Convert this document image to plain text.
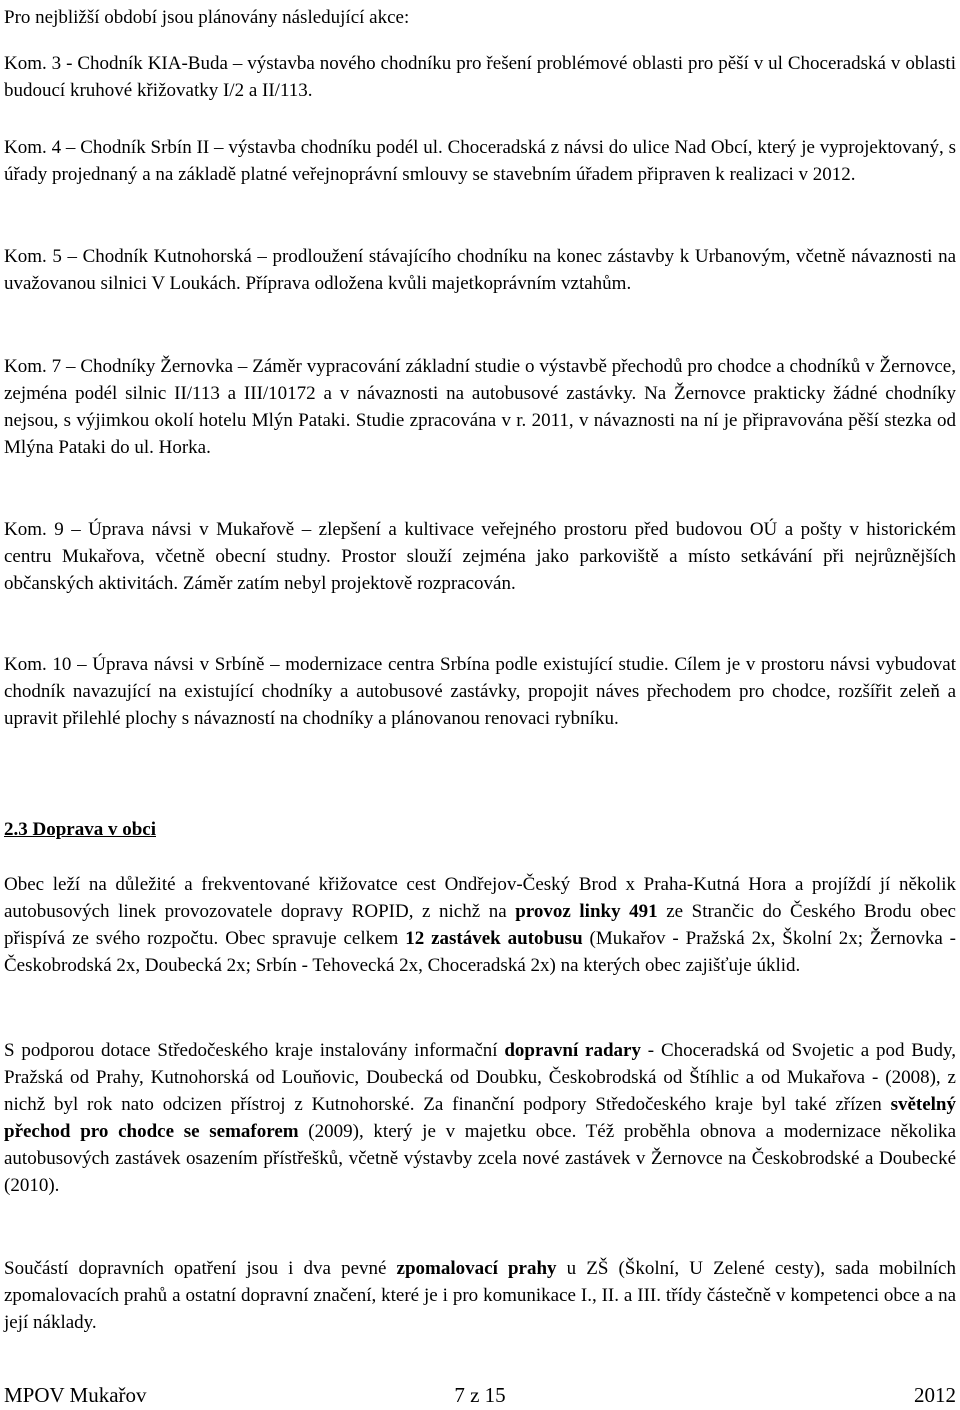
Pro nejbližší období jsou plánovány následující akce:

Kom. 3 - Chodník KIA-Buda – výstavba nového chodníku pro řešení problémové oblasti pro pěší v ul Choceradská v oblasti budoucí kruhové křižovatky I/2 a II/113.

Kom. 4 – Chodník Srbín II – výstavba chodníku podél ul. Choceradská z návsi do ulice Nad Obcí, který je vyprojektovaný, s úřady projednaný a na základě platné veřejnoprávní smlouvy se stavebním úřadem připraven k realizaci v 2012.

Kom. 5 – Chodník Kutnohorská – prodloužení stávajícího chodníku na konec zástavby k Urbanovým, včetně návaznosti na uvažovanou silnici V Loukách. Příprava odložena kvůli majetkoprávním vztahům.

Kom. 7 – Chodníky Žernovka – Záměr vypracování základní studie o výstavbě přechodů pro chodce a chodníků v Žernovce, zejména podél silnic II/113 a III/10172 a v návaznosti na autobusové zastávky. Na Žernovce prakticky žádné chodníky nejsou, s výjimkou okolí hotelu Mlýn Pataki. Studie zpracována v r. 2011, v návaznosti na ní je připravována pěší stezka od Mlýna Pataki do ul. Horka.

Kom. 9 – Úprava návsi v Mukařově – zlepšení a kultivace veřejného prostoru před budovou OÚ a pošty v historickém centru Mukařova, včetně obecní studny. Prostor slouží zejména jako parkoviště a místo setkávání při nejrůznějších občanských aktivitách. Záměr zatím nebyl projektově rozpracován.

Kom. 10 – Úprava návsi v Srbíně – modernizace centra Srbína podle existující studie. Cílem je v prostoru návsi vybudovat chodník navazující na existující chodníky a autobusové zastávky, propojit náves přechodem pro chodce, rozšířit zeleň a upravit přilehlé plochy s návazností na chodníky a plánovanou renovaci rybníku.

2.3 Doprava v obci

Obec leží na důležité a frekventované křižovatce cest Ondřejov-Český Brod x Praha-Kutná Hora a projíždí jí několik autobusových linek provozovatele dopravy ROPID, z nichž na provoz linky 491 ze Strančic do Českého Brodu obec přispívá ze svého rozpočtu. Obec spravuje celkem 12 zastávek autobusu (Mukařov - Pražská 2x, Školní 2x; Žernovka - Českobrodská 2x, Doubecká 2x; Srbín - Tehovecká 2x, Choceradská 2x) na kterých obec zajišťuje úklid.

S podporou dotace Středočeského kraje instalovány informační dopravní radary - Choceradská od Svojetic a pod Budy, Pražská od Prahy, Kutnohorská od Louňovic, Doubecká od Doubku, Českobrodská od Štíhlic a od Mukařova - (2008), z nichž byl rok nato odcizen přístroj z Kutnohorské. Za finanční podpory Středočeského kraje byl také zřízen světelný přechod pro chodce se semaforem (2009), který je v majetku obce. Též proběhla obnova a modernizace několika autobusových zastávek osazením přístřešků, včetně výstavby zcela nové zastávek v Žernovce na Českobrodské a Doubecké (2010).

Součástí dopravních opatření jsou i dva pevné zpomalovací prahy u ZŠ (Školní, U Zelené cesty), sada mobilních zpomalovacích prahů a ostatní dopravní značení, které je i pro komunikace I., II. a III. třídy částečně v kompetenci obce a na její náklady.

7 z 15
MPOV Mukařov	2012
